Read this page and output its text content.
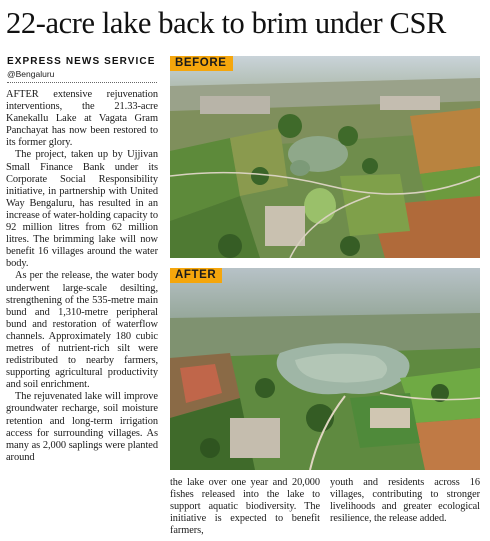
22-acre lake back to brim under CSR
EXPRESS NEWS SERVICE
@Bengaluru

AFTER extensive rejuvenation interventions, the 21.33-acre Kanekallu Lake at Vagata Gram Panchayat has now been restored to its former glory.

The project, taken up by Ujjivan Small Finance Bank under its Corporate Social Responsibility initiative, in partnership with United Way Bengaluru, has resulted in an increase of water-holding capacity to 92 million litres from 62 million litres. The brimming lake will now benefit 16 villages around the water body.

As per the release, the water body underwent large-scale desilting, strengthening of the 535-metre main bund and 1,310-metre peripheral bund and restoration of waterflow channels. Approximately 180 cubic metres of nutrient-rich silt were redistributed to nearby farmers, supporting agricultural productivity and soil enrichment.

The rejuvenated lake will improve groundwater recharge, soil moisture retention and long-term irrigation access for surrounding villages. As many as 2,000 saplings were planted around

BEFORE
AFTER

the lake over one year and 20,000 fishes released into the lake to support aquatic biodiversity. The initiative is expected to benefit farmers,

youth and residents across 16 villages, contributing to stronger livelihoods and greater ecological resilience, the release added.
